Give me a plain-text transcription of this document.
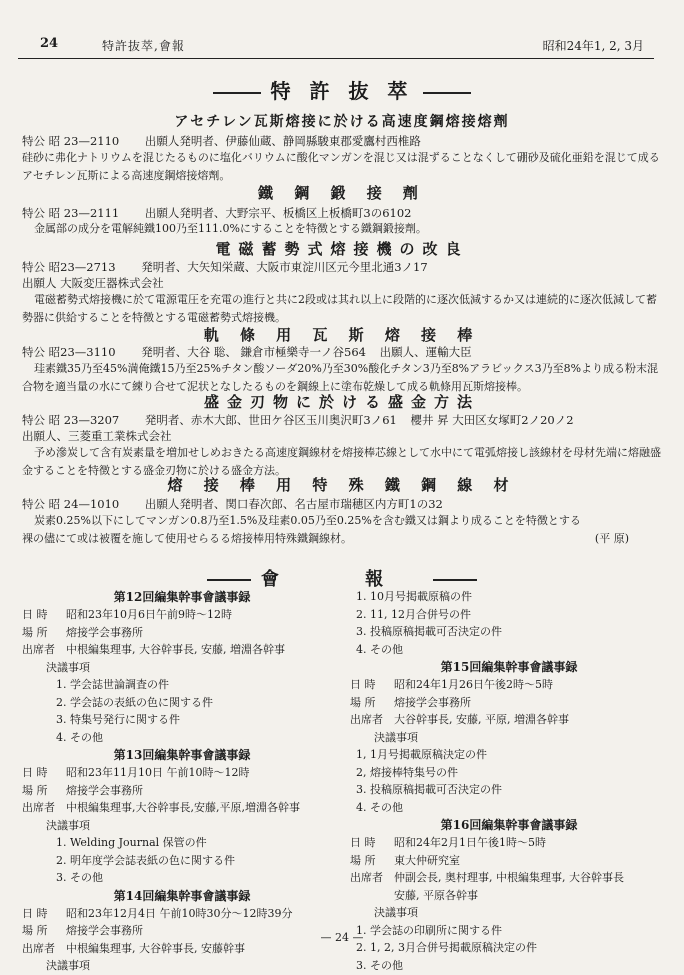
24	特許抜萃,會報	昭和24年1, 2, 3月
特 許 抜 萃
アセチレン瓦斯熔接に於ける高速度鋼熔接熔劑
特公 昭 23—2110 出願人発明者、伊藤仙蔵、静岡縣駿東郡愛鷹村西椎路
硅砂に弗化ナトリウムを混じたるものに塩化バリウムに酸化マンガンを混じ又は混ずることなくして硼砂及硫化亜鉛を混じて成るアセチレン瓦斯による高速度鋼熔接熔劑。
鐵 鋼 鍛 接 劑
特公 昭 23—2111 出願人発明者、大野宗平、板橋区上板橋町3の6102
金属部の成分を電解純鐵100乃至111.0%にすることを特徴とする鐵鋼鍛接劑。
電磁蓄勢式熔接機の改良
特公 昭23—2713 発明者、大矢知栄蔵、大阪市東淀川区元今里北通3ノ17
出願人 大阪変圧器株式会社
電磁蓄勢式熔接機に於て電源電圧を充電の進行と共に2段或は其れ以上に段階的に逐次低減するか又は連続的に逐次低減して蓄勢器に供給することを特徴とする電磁蓄勢式熔接機。
軌 條 用 瓦 斯 熔 接 棒
特公 昭23—3110 発明者、大谷 聡、 鎌倉市極樂寺一ノ谷564 出願人、運輸大臣
珪素鐵35乃至45%満俺鐵15乃至25%チタン酸ソーダ20%乃至30%酸化チタン3乃至8%アラビックス3乃至8%より成る粉末混合物を適当量の水にて練り合せて泥状となしたるものを鋼線上に塗布乾燥して成る軌條用瓦斯熔接棒。
盛金刃物に於ける盛金方法
特公 昭 23—3207 発明者、赤木大郎、世田ケ谷区玉川奥沢町3ノ61 櫻井 昇 大田区女塚町2ノ20ノ2
出願人、三菱重工業株式会社
予め滲炭して含有炭素量を増加せしめおきたる高速度鋼線材を熔接棒芯線として水中にて電弧熔接し該線材を母材先端に熔融盛金することを特徴とする盛金刃物に於ける盛金方法。
熔 接 棒 用 特 殊 鐵 鋼 線 材
特公 昭 24—1010 出願人発明者、関口春次郎、名古屋市瑞穂区内方町1の32
炭素0.25%以下にしてマンガン0.8乃至1.5%及珪素0.05乃至0.25%を含む鐵又は鋼より成ることを特徴とする裸の儘にて或は被覆を施して使用せらるる熔接棒用特殊鐵鋼線材。	(平 原)
會 報
第12回編集幹事會議事録
日 時 昭和23年10月6日午前9時〜12時
場 所 熔接学会事務所
出席者 中根編集理事, 大谷幹事長, 安藤, 増淵各幹事
決議事項
1. 学会誌世論調査の件
2. 学会誌の表紙の色に関する件
3. 特集号発行に関する件
4. その他
第13回編集幹事會議事録
日 時 昭和23年11月10日 午前10時〜12時
場 所 熔接学会事務所
出席者 中根編集理事,大谷幹事長,安藤,平原,増淵各幹事
決議事項
1. Welding Journal 保管の件
2. 明年度学会誌表紙の色に関する件
3. その他
第14回編集幹事會議事録
日 時 昭和23年12月4日 午前10時30分〜12時39分
場 所 熔接学会事務所
出席者 中根編集理事, 大谷幹事長, 安藤幹事
決議事項
1. 10月号掲載原稿の件
2. 11, 12月合併号の件
3. 投稿原稿掲載可否決定の件
4. その他
第15回編集幹事會議事録
日 時 昭和24年1月26日午後2時〜5時
場 所 熔接学会事務所
出席者 大谷幹事長, 安藤, 平原, 増淵各幹事
決議事項
1, 1月号掲載原稿決定の件
2, 熔接棒特集号の件
3. 投稿原稿掲載可否決定の件
4. その他
第16回編集幹事會議事録
日 時 昭和24年2月1日午後1時〜5時
場 所 東大仲研究室
出席者 仲副会長, 奥村理事, 中根編集理事, 大谷幹事長
安藤, 平原各幹事
決議事項
1. 学会誌の印刷所に関する件
2. 1, 2, 3月合併号掲載原稿決定の件
3. その他
— 24 —
